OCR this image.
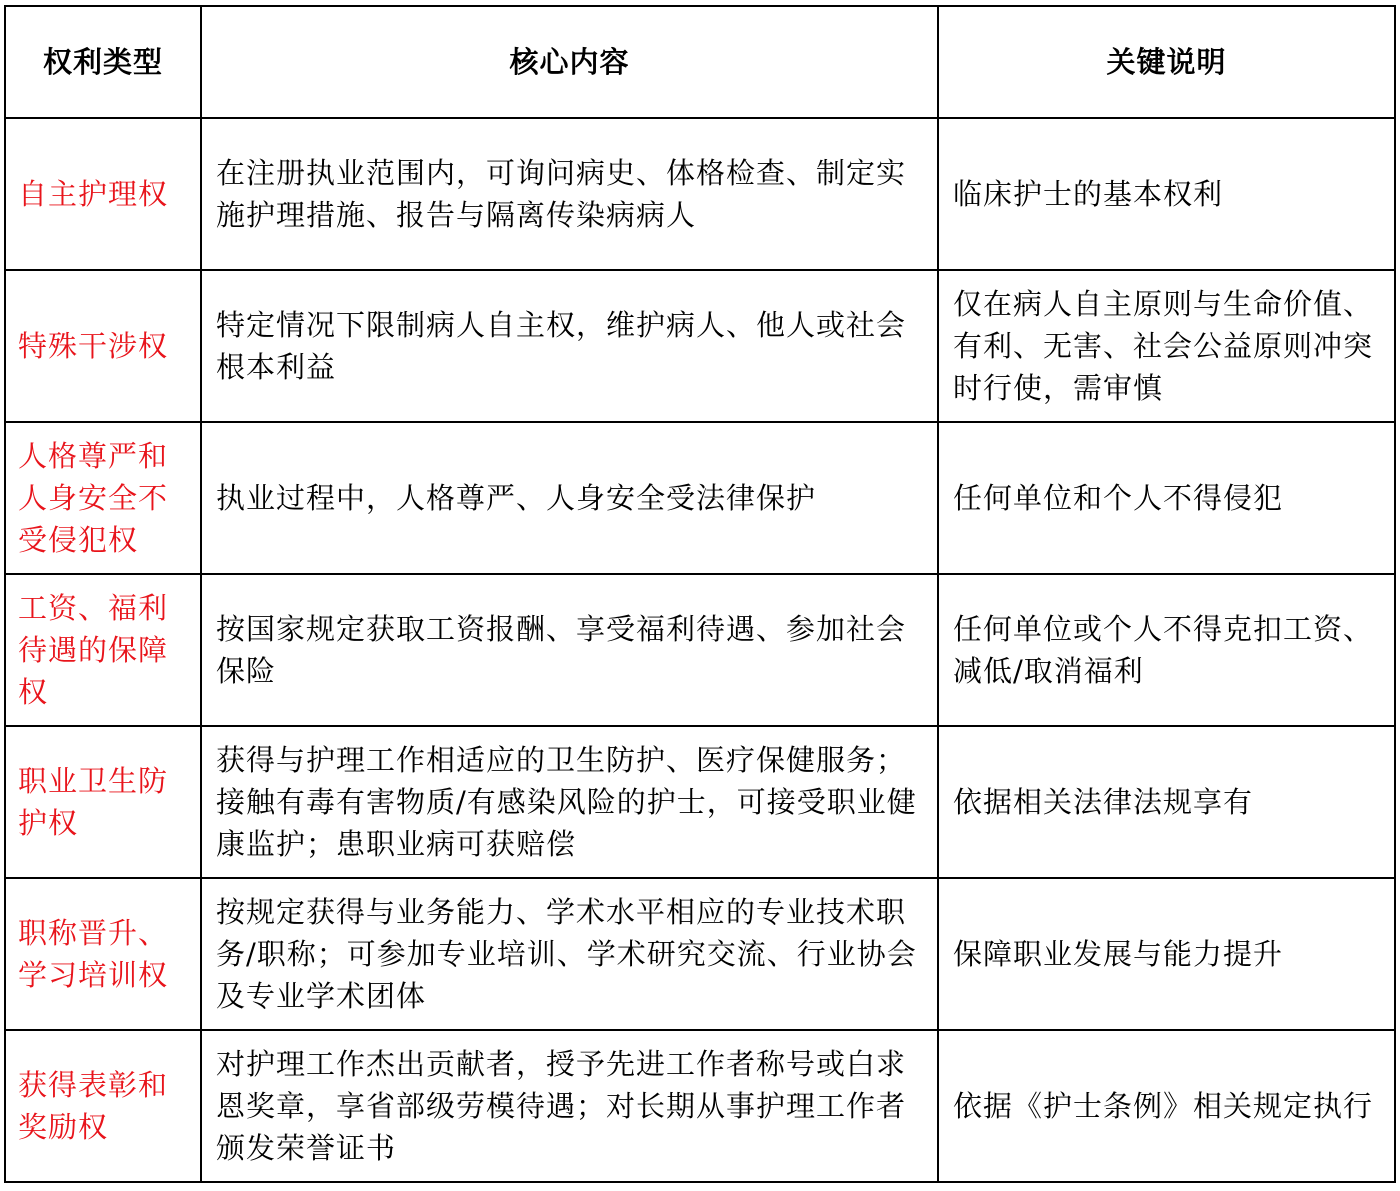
权利类型	核心内容	关键说明
自主护理权	在注册执业范围内，可询问病史、体格检查、制定实施护理措施、报告与隔离传染病病人	临床护士的基本权利
特殊干涉权	特定情况下限制病人自主权，维护病人、他人或社会根本利益	仅在病人自主原则与生命价值、有利、无害、社会公益原则冲突时行使，需审慎
人格尊严和人身安全不受侵犯权	执业过程中，人格尊严、人身安全受法律保护	任何单位和个人不得侵犯
工资、福利待遇的保障权	按国家规定获取工资报酬、享受福利待遇、参加社会保险	任何单位或个人不得克扣工资、减低/取消福利
职业卫生防护权	获得与护理工作相适应的卫生防护、医疗保健服务；接触有毒有害物质/有感染风险的护士，可接受职业健康监护；患职业病可获赔偿	依据相关法律法规享有
职称晋升、学习培训权	按规定获得与业务能力、学术水平相应的专业技术职务/职称；可参加专业培训、学术研究交流、行业协会及专业学术团体	保障职业发展与能力提升
获得表彰和奖励权	对护理工作杰出贡献者，授予先进工作者称号或白求恩奖章，享省部级劳模待遇；对长期从事护理工作者颁发荣誉证书	依据《护士条例》相关规定执行
